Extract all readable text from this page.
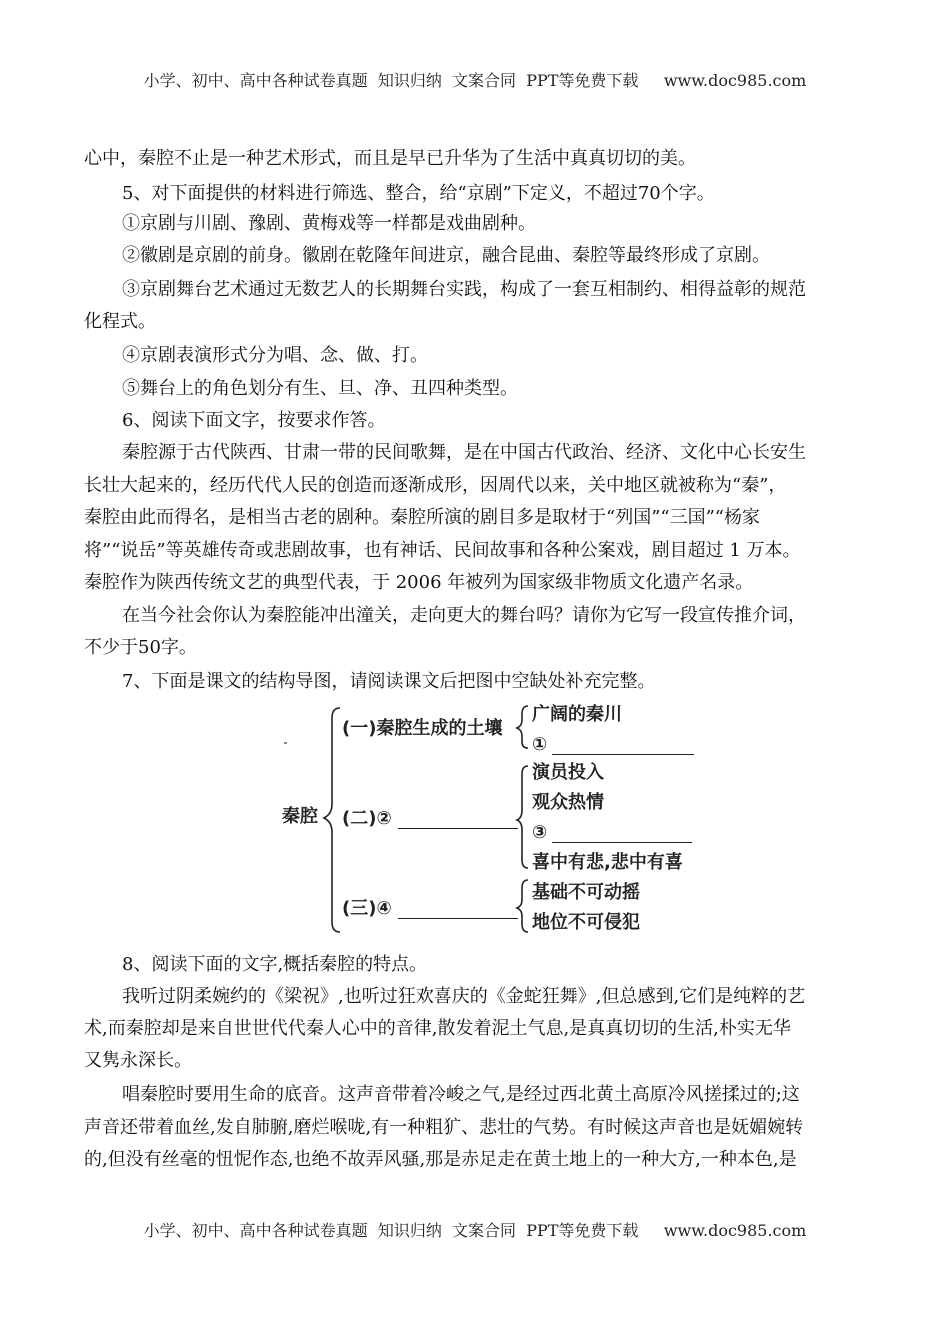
小学、初中、高中各种试卷真题  知识归纳  文案合同  PPT等免费下载     www.doc985.com
心中，秦腔不止是一种艺术形式，而且是早已升华为了生活中真真切切的美。
5、对下面提供的材料进行筛选、整合，给“京剧”下定义，不超过70个字。
①京剧与川剧、豫剧、黄梅戏等一样都是戏曲剧种。
②徽剧是京剧的前身。徽剧在乾隆年间进京，融合昆曲、秦腔等最终形成了京剧。
③京剧舞台艺术通过无数艺人的长期舞台实践，构成了一套互相制约、相得益彰的规范
化程式。
④京剧表演形式分为唱、念、做、打。
⑤舞台上的角色划分有生、旦、净、丑四种类型。
6、阅读下面文字，按要求作答。
秦腔源于古代陕西、甘肃一带的民间歌舞，是在中国古代政治、经济、文化中心长安生
长壮大起来的，经历代代人民的创造而逐渐成形，因周代以来，关中地区就被称为“秦”，
秦腔由此而得名，是相当古老的剧种。秦腔所演的剧目多是取材于“列国”“三国”“杨家
将”“说岳”等英雄传奇或悲剧故事，也有神话、民间故事和各种公案戏，剧目超过 1 万本。
秦腔作为陕西传统文艺的典型代表，于 2006 年被列为国家级非物质文化遗产名录。
在当今社会你认为秦腔能冲出潼关，走向更大的舞台吗？请你为它写一段宣传推介词，
不少于50字。
7、下面是课文的结构导图，请阅读课文后把图中空缺处补充完整。
秦腔
(一)秦腔生成的土壤
广阔的秦川
①
(二)②
演员投入
观众热情
③
喜中有悲,悲中有喜
(三)④
基础不可动摇
地位不可侵犯
8、阅读下面的文字,概括秦腔的特点。
我听过阴柔婉约的《梁祝》,也听过狂欢喜庆的《金蛇狂舞》,但总感到,它们是纯粹的艺
术,而秦腔却是来自世世代代秦人心中的音律,散发着泥土气息,是真真切切的生活,朴实无华
又隽永深长。
唱秦腔时要用生命的底音。这声音带着冷峻之气,是经过西北黄土高原冷风搓揉过的;这
声音还带着血丝,发自肺腑,磨烂喉咙,有一种粗犷、悲壮的气势。有时候这声音也是妩媚婉转
的,但没有丝毫的忸怩作态,也绝不故弄风骚,那是赤足走在黄土地上的一种大方,一种本色,是
小学、初中、高中各种试卷真题  知识归纳  文案合同  PPT等免费下载     www.doc985.com
